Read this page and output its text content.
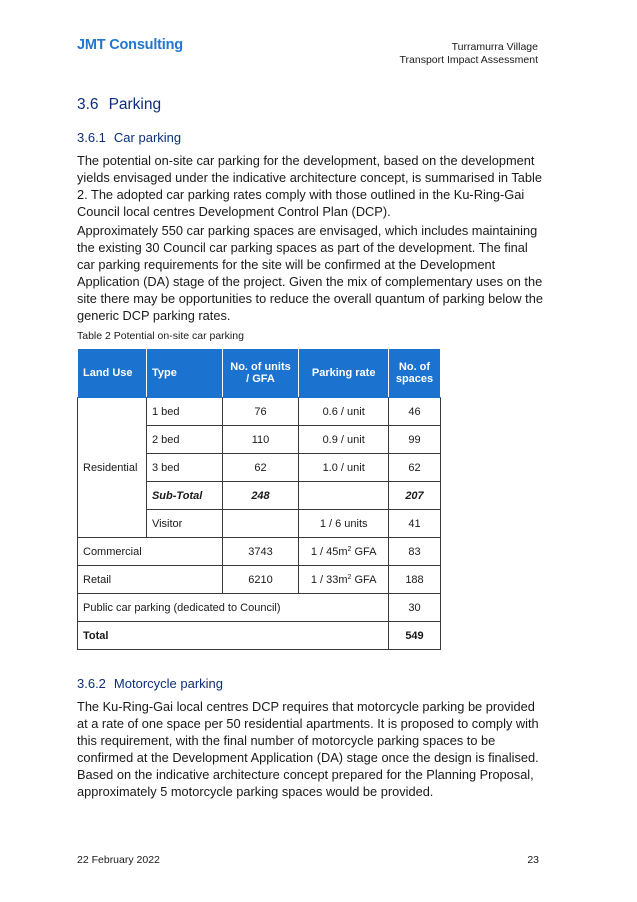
JMT Consulting	Turramurra Village
Transport Impact Assessment
3.6 Parking
3.6.1 Car parking

The potential on-site car parking for the development, based on the development yields envisaged under the indicative architecture concept, is summarised in Table 2. The adopted car parking rates comply with those outlined in the Ku-Ring-Gai Council local centres Development Control Plan (DCP).

Approximately 550 car parking spaces are envisaged, which includes maintaining the existing 30 Council car parking spaces as part of the development. The final car parking requirements for the site will be confirmed at the Development Application (DA) stage of the project. Given the mix of complementary uses on the site there may be opportunities to reduce the overall quantum of parking below the generic DCP parking rates.

Table 2 Potential on-site car parking
Land Use	Type	No. of units / GFA	Parking rate	No. of spaces
Residential	1 bed	76	0.6 / unit	46
	2 bed	110	0.9 / unit	99
	3 bed	62	1.0 / unit	62
	Sub-Total	248		207
	Visitor		1 / 6 units	41
Commercial		3743	$1 / 45m^2$ GFA	83
Retail		6210	$1 / 33m^2$ GFA	188
Public car parking (dedicated to Council)				30
Total				549
3.6.2 Motorcycle parking

The Ku-Ring-Gai local centres DCP requires that motorcycle parking be provided at a rate of one space per 50 residential apartments. It is proposed to comply with this requirement, with the final number of motorcycle parking spaces to be confirmed at the Development Application (DA) stage once the design is finalised. Based on the indicative architecture concept prepared for the Planning Proposal, approximately 5 motorcycle parking spaces would be provided.

22 February 2022	23
